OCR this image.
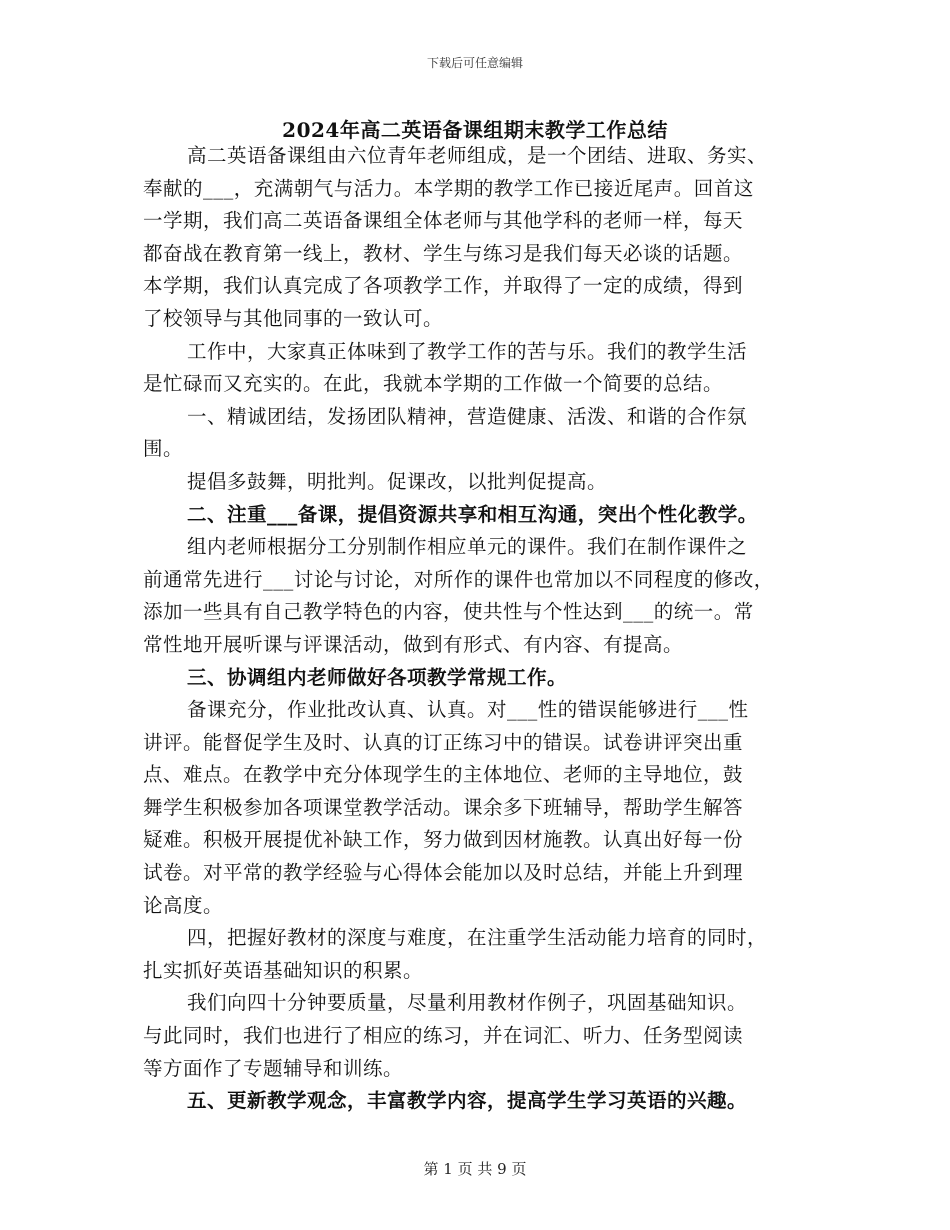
下载后可任意编辑
2024年高二英语备课组期末教学工作总结
高二英语备课组由六位青年老师组成，是一个团结、进取、务实、
奉献的___，充满朝气与活力。本学期的教学工作已接近尾声。回首这
一学期，我们高二英语备课组全体老师与其他学科的老师一样，每天
都奋战在教育第一线上，教材、学生与练习是我们每天必谈的话题。
本学期，我们认真完成了各项教学工作，并取得了一定的成绩，得到
了校领导与其他同事的一致认可。
工作中，大家真正体味到了教学工作的苦与乐。我们的教学生活
是忙碌而又充实的。在此，我就本学期的工作做一个简要的总结。
一、精诚团结，发扬团队精神，营造健康、活泼、和谐的合作氛
围。
提倡多鼓舞，明批判。促课改，以批判促提高。
二、注重___备课，提倡资源共享和相互沟通，突出个性化教学。
组内老师根据分工分别制作相应单元的课件。我们在制作课件之
前通常先进行___讨论与讨论，对所作的课件也常加以不同程度的修改，
添加一些具有自己教学特色的内容，使共性与个性达到___的统一。常
常性地开展听课与评课活动，做到有形式、有内容、有提高。
三、协调组内老师做好各项教学常规工作。
备课充分，作业批改认真、认真。对___性的错误能够进行___性
讲评。能督促学生及时、认真的订正练习中的错误。试卷讲评突出重
点、难点。在教学中充分体现学生的主体地位、老师的主导地位，鼓
舞学生积极参加各项课堂教学活动。课余多下班辅导，帮助学生解答
疑难。积极开展提优补缺工作，努力做到因材施教。认真出好每一份
试卷。对平常的教学经验与心得体会能加以及时总结，并能上升到理
论高度。
四，把握好教材的深度与难度，在注重学生活动能力培育的同时，
扎实抓好英语基础知识的积累。
我们向四十分钟要质量，尽量利用教材作例子，巩固基础知识。
与此同时，我们也进行了相应的练习，并在词汇、听力、任务型阅读
等方面作了专题辅导和训练。
五、更新教学观念，丰富教学内容，提高学生学习英语的兴趣。
第 1 页 共 9 页
